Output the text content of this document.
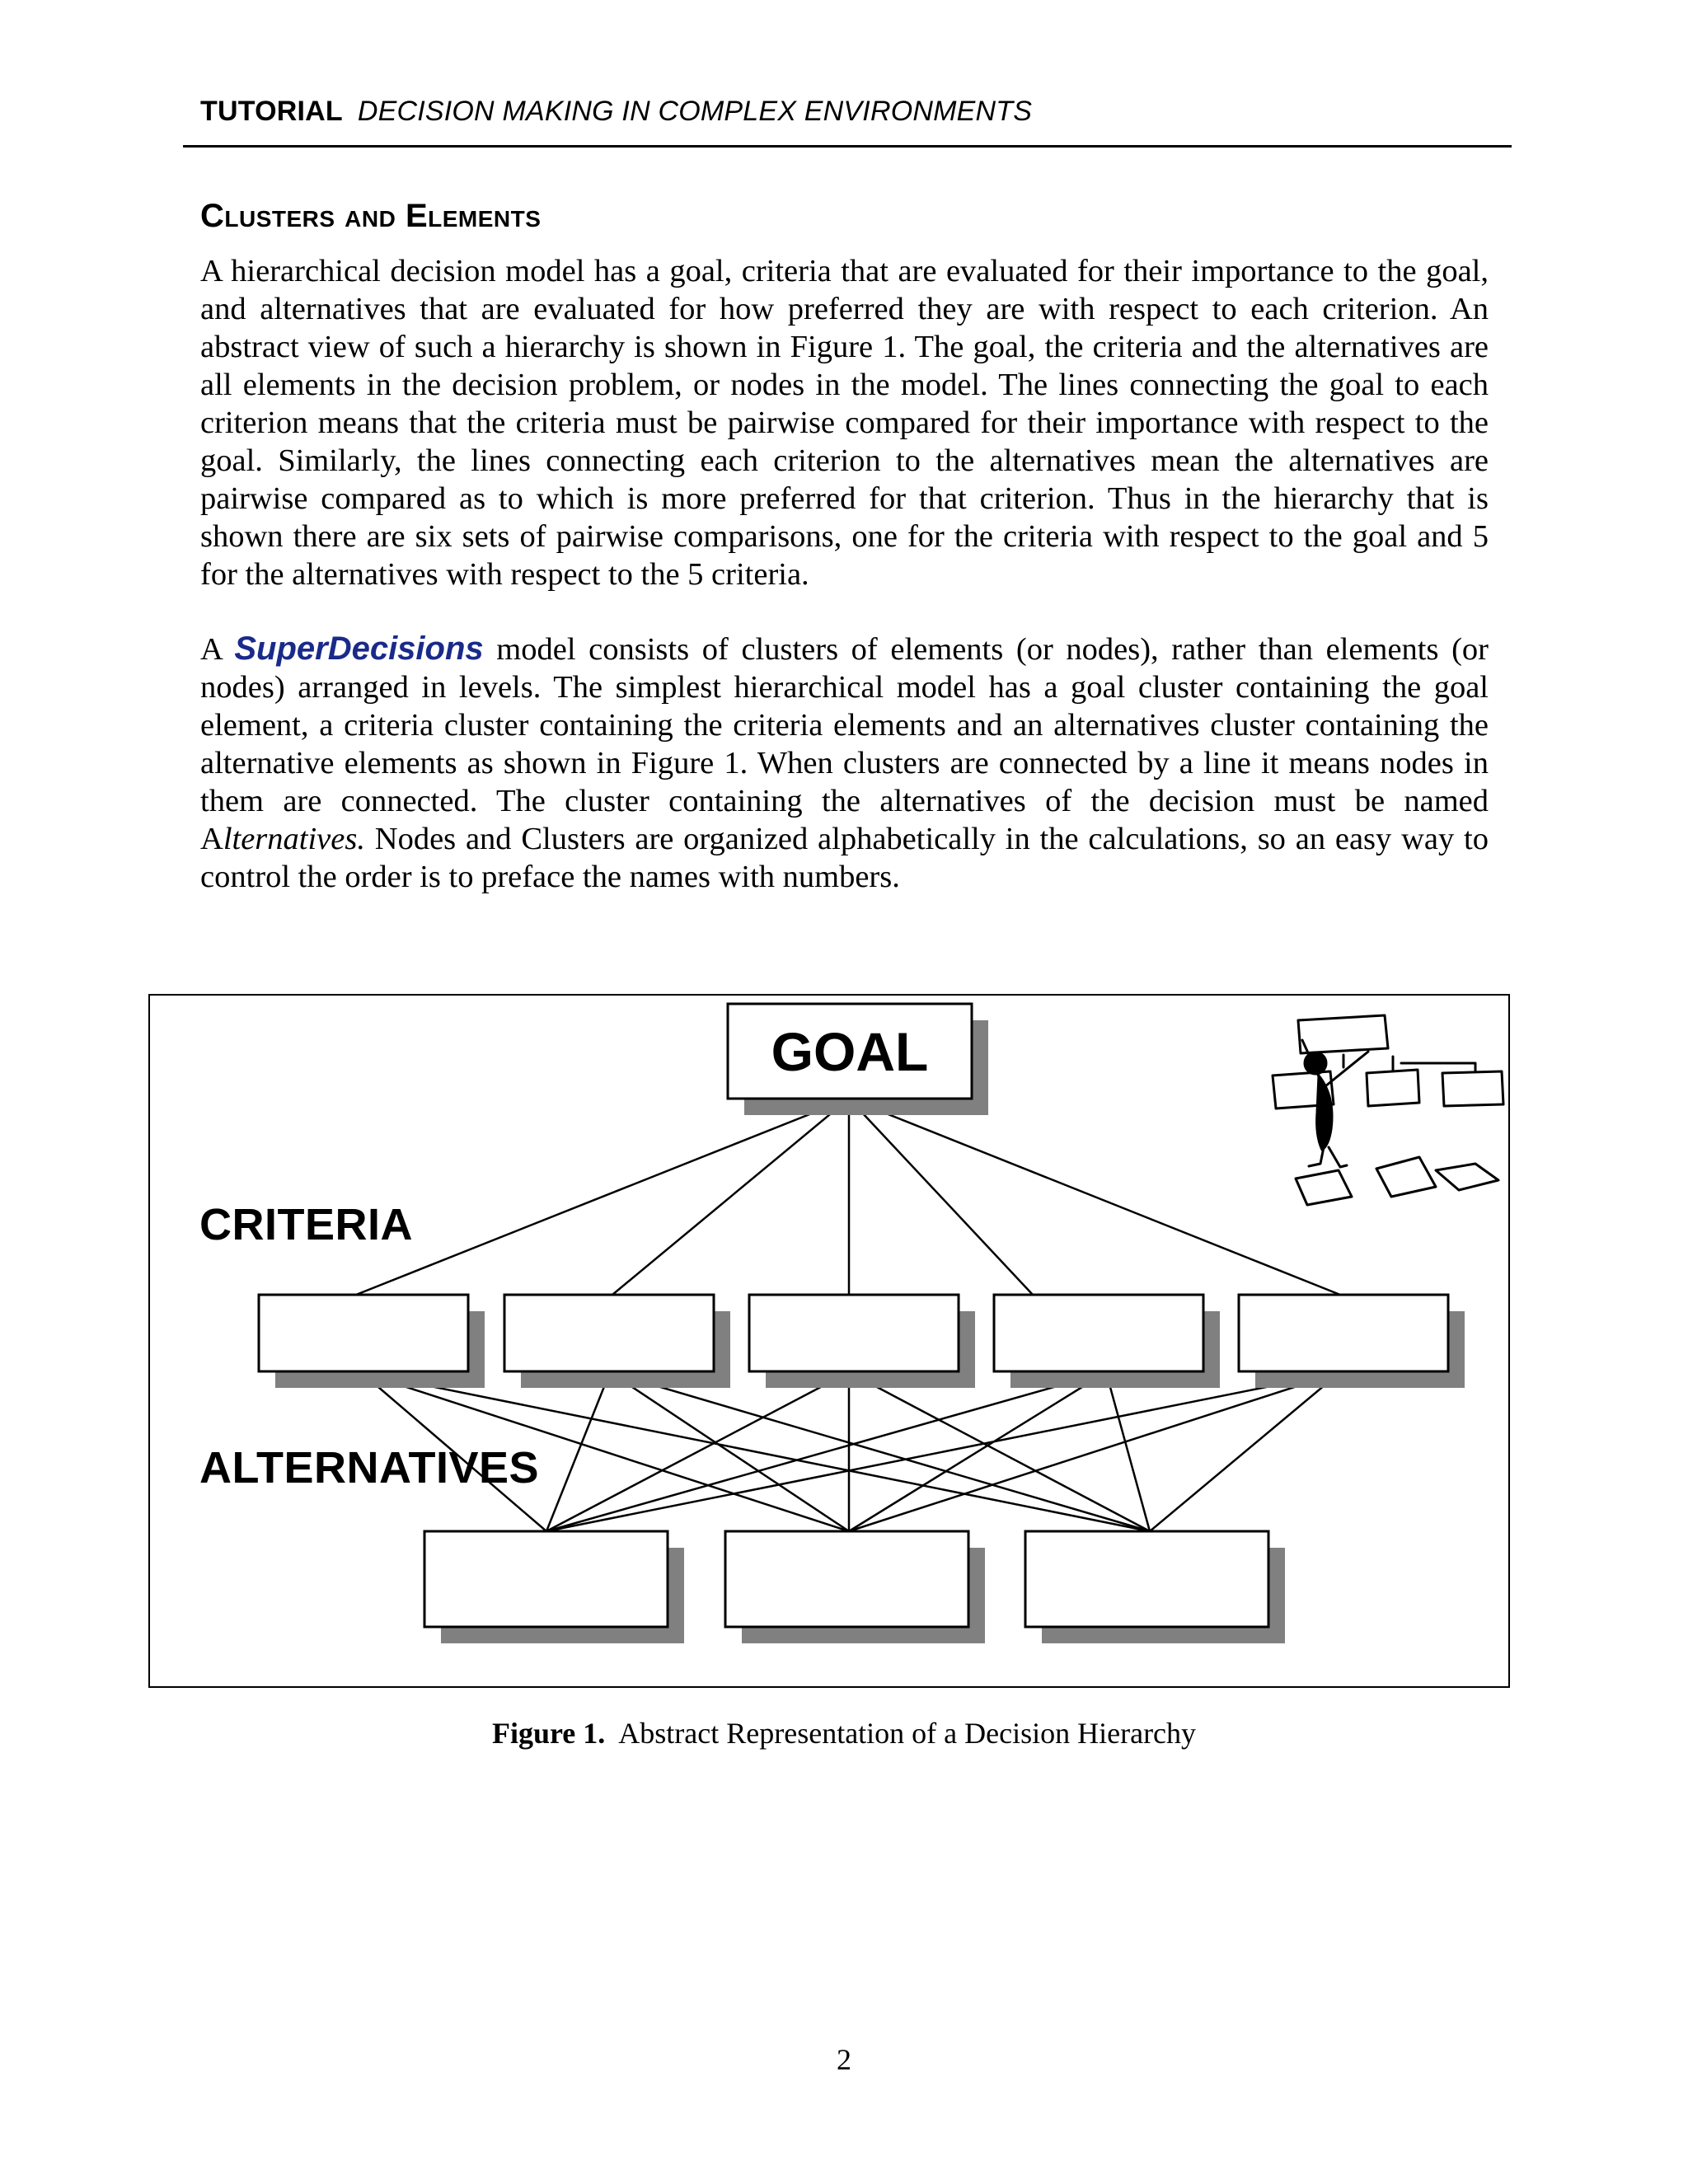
TUTORIAL DECISION MAKING IN COMPLEX ENVIRONMENTS
Clusters and Elements

A hierarchical decision model has a goal, criteria that are evaluated for their importance to the goal, and alternatives that are evaluated for how preferred they are with respect to each criterion. An abstract view of such a hierarchy is shown in Figure 1. The goal, the criteria and the alternatives are all elements in the decision problem, or nodes in the model. The lines connecting the goal to each criterion means that the criteria must be pairwise compared for their importance with respect to the goal. Similarly, the lines connecting each criterion to the alternatives mean the alternatives are pairwise compared as to which is more preferred for that criterion. Thus in the hierarchy that is shown there are six sets of pairwise comparisons, one for the criteria with respect to the goal and 5 for the alternatives with respect to the 5 criteria.

A SuperDecisions model consists of clusters of elements (or nodes), rather than elements (or nodes) arranged in levels. The simplest hierarchical model has a goal cluster containing the goal element, a criteria cluster containing the criteria elements and an alternatives cluster containing the alternative elements as shown in Figure 1. When clusters are connected by a line it means nodes in them are connected. The cluster containing the alternatives of the decision must be named Alternatives. Nodes and Clusters are organized alphabetically in the calculations, so an easy way to control the order is to preface the names with numbers.

GOAL
CRITERIA
ALTERNATIVES
Figure 1. Abstract Representation of a Decision Hierarchy
2
